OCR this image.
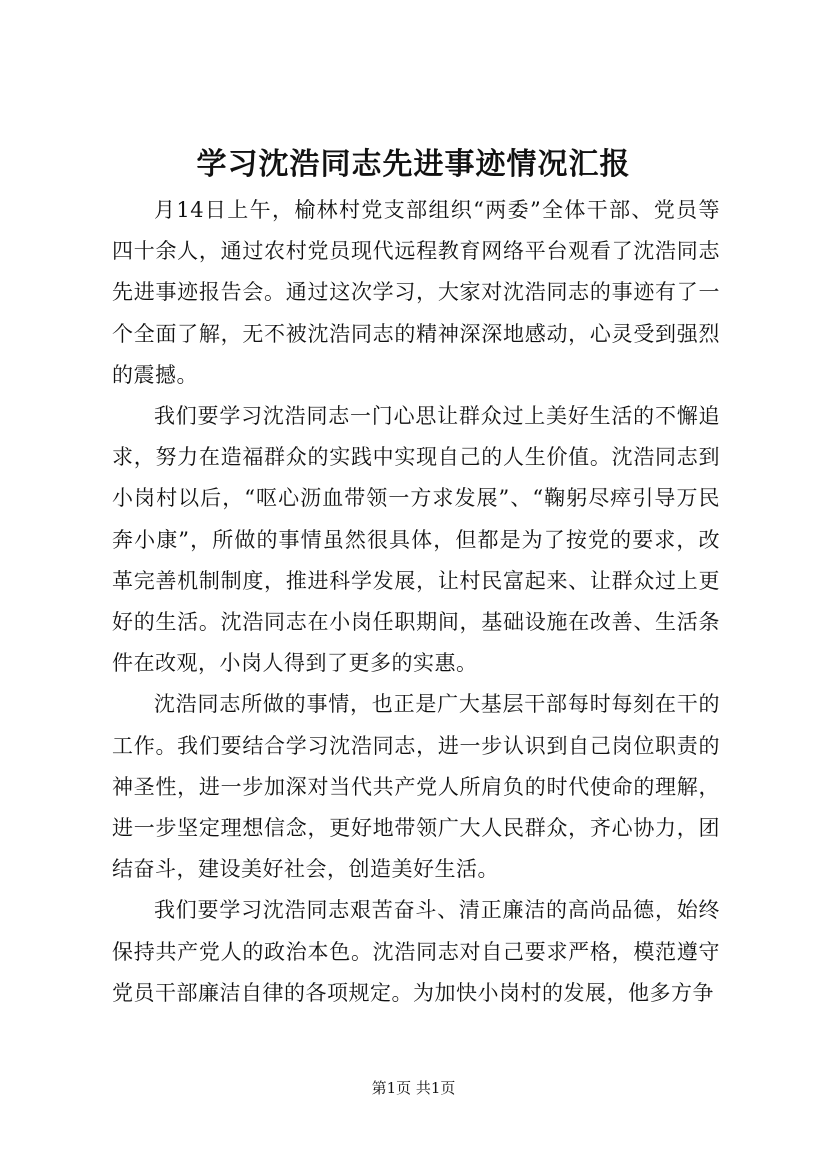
学习沈浩同志先进事迹情况汇报

月14日上午，榆林村党支部组织“两委”全体干部、党员等四十余人，通过农村党员现代远程教育网络平台观看了沈浩同志先进事迹报告会。通过这次学习，大家对沈浩同志的事迹有了一个全面了解，无不被沈浩同志的精神深深地感动，心灵受到强烈的震撼。

我们要学习沈浩同志一门心思让群众过上美好生活的不懈追求，努力在造福群众的实践中实现自己的人生价值。沈浩同志到小岗村以后，“呕心沥血带领一方求发展”、“鞠躬尽瘁引导万民奔小康”，所做的事情虽然很具体，但都是为了按党的要求，改革完善机制制度，推进科学发展，让村民富起来、让群众过上更好的生活。沈浩同志在小岗任职期间，基础设施在改善、生活条件在改观，小岗人得到了更多的实惠。

沈浩同志所做的事情，也正是广大基层干部每时每刻在干的工作。我们要结合学习沈浩同志，进一步认识到自己岗位职责的神圣性，进一步加深对当代共产党人所肩负的时代使命的理解，进一步坚定理想信念，更好地带领广大人民群众，齐心协力，团结奋斗，建设美好社会，创造美好生活。

我们要学习沈浩同志艰苦奋斗、清正廉洁的高尚品德，始终保持共产党人的政治本色。沈浩同志对自己要求严格，模范遵守党员干部廉洁自律的各项规定。为加快小岗村的发展，他多方争

第1页 共1页
